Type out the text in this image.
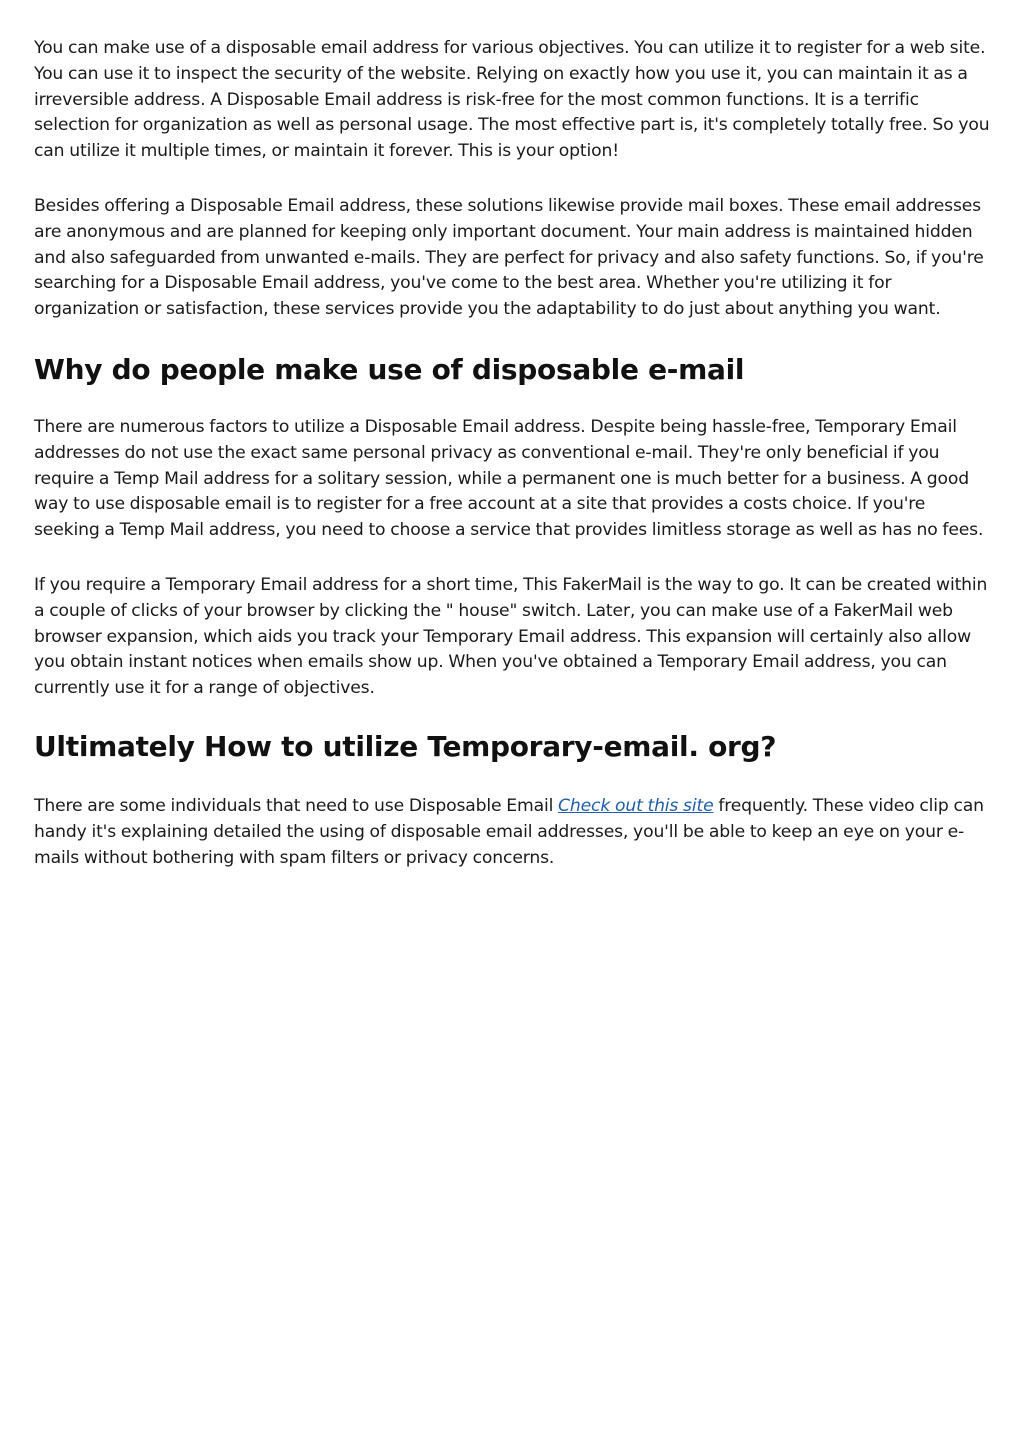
You can make use of a disposable email address for various objectives. You can utilize it to register for a web site. You can use it to inspect the security of the website. Relying on exactly how you use it, you can maintain it as a irreversible address. A Disposable Email address is risk-free for the most common functions. It is a terrific selection for organization as well as personal usage. The most effective part is, it's completely totally free. So you can utilize it multiple times, or maintain it forever. This is your option!

Besides offering a Disposable Email address, these solutions likewise provide mail boxes. These email addresses are anonymous and are planned for keeping only important document. Your main address is maintained hidden and also safeguarded from unwanted e-mails. They are perfect for privacy and also safety functions. So, if you're searching for a Disposable Email address, you've come to the best area. Whether you're utilizing it for organization or satisfaction, these services provide you the adaptability to do just about anything you want.

Why do people make use of disposable e-mail

There are numerous factors to utilize a Disposable Email address. Despite being hassle-free, Temporary Email addresses do not use the exact same personal privacy as conventional e-mail. They're only beneficial if you require a Temp Mail address for a solitary session, while a permanent one is much better for a business. A good way to use disposable email is to register for a free account at a site that provides a costs choice. If you're seeking a Temp Mail address, you need to choose a service that provides limitless storage as well as has no fees.

If you require a Temporary Email address for a short time, This FakerMail is the way to go. It can be created within a couple of clicks of your browser by clicking the " house" switch. Later, you can make use of a FakerMail web browser expansion, which aids you track your Temporary Email address. This expansion will certainly also allow you obtain instant notices when emails show up. When you've obtained a Temporary Email address, you can currently use it for a range of objectives.

Ultimately How to utilize Temporary-email. org?

There are some individuals that need to use Disposable Email Check out this site frequently. These video clip can handy it's explaining detailed the using of disposable email addresses, you'll be able to keep an eye on your e-mails without bothering with spam filters or privacy concerns.
